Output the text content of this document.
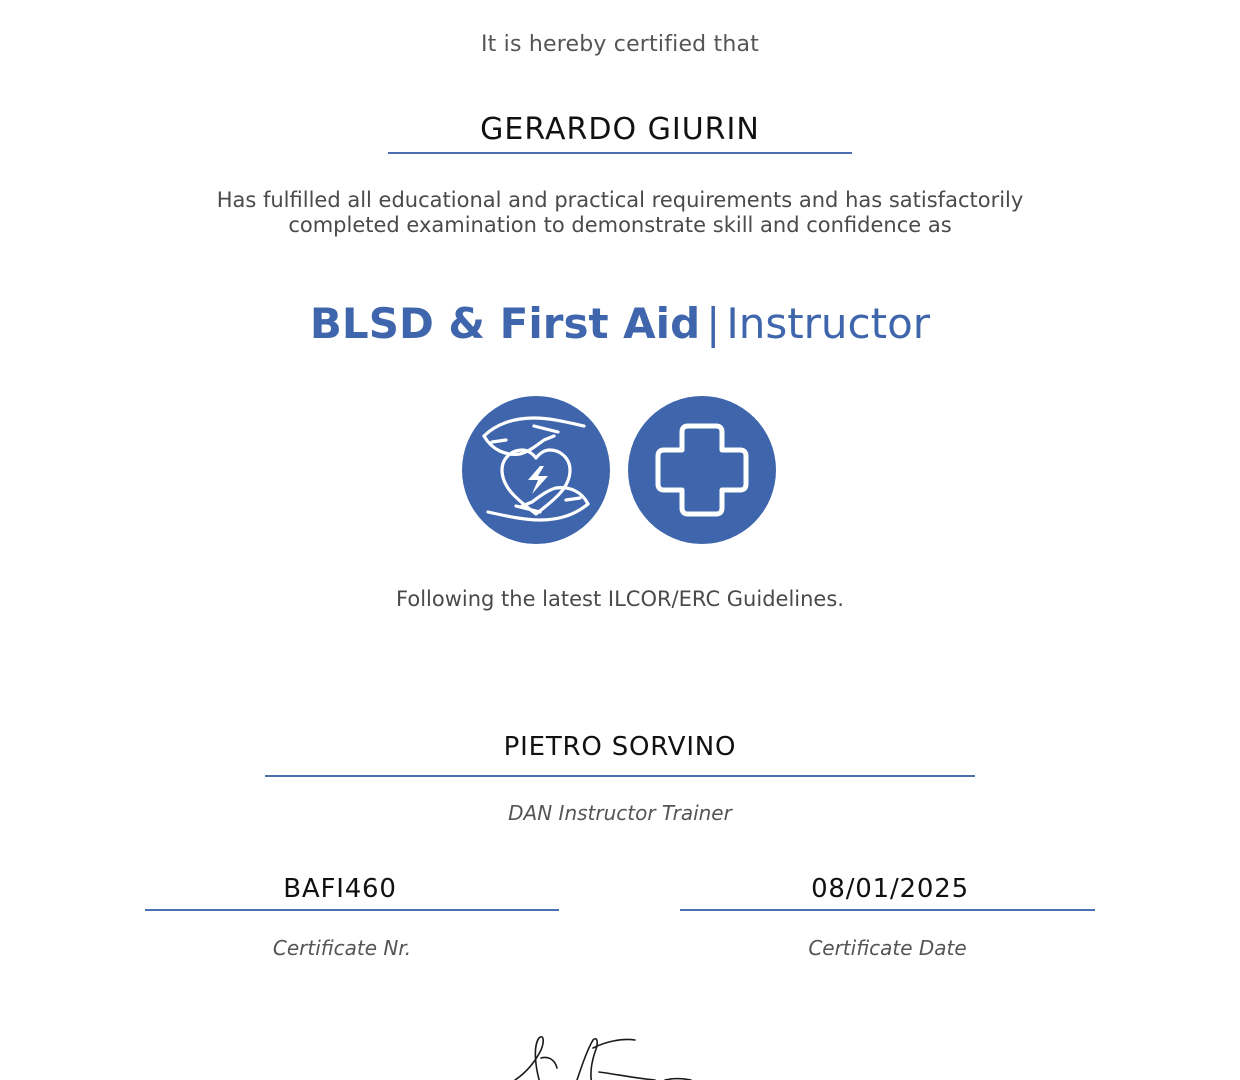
It is hereby certified that
GERARDO GIURIN
Has fulfilled all educational and practical requirements and has satisfactorily
completed examination to demonstrate skill and confidence as
BLSD & First Aid | Instructor
Following the latest ILCOR/ERC Guidelines.
PIETRO SORVINO
DAN Instructor Trainer
BAFI460
Certificate Nr.
08/01/2025
Certificate Date
